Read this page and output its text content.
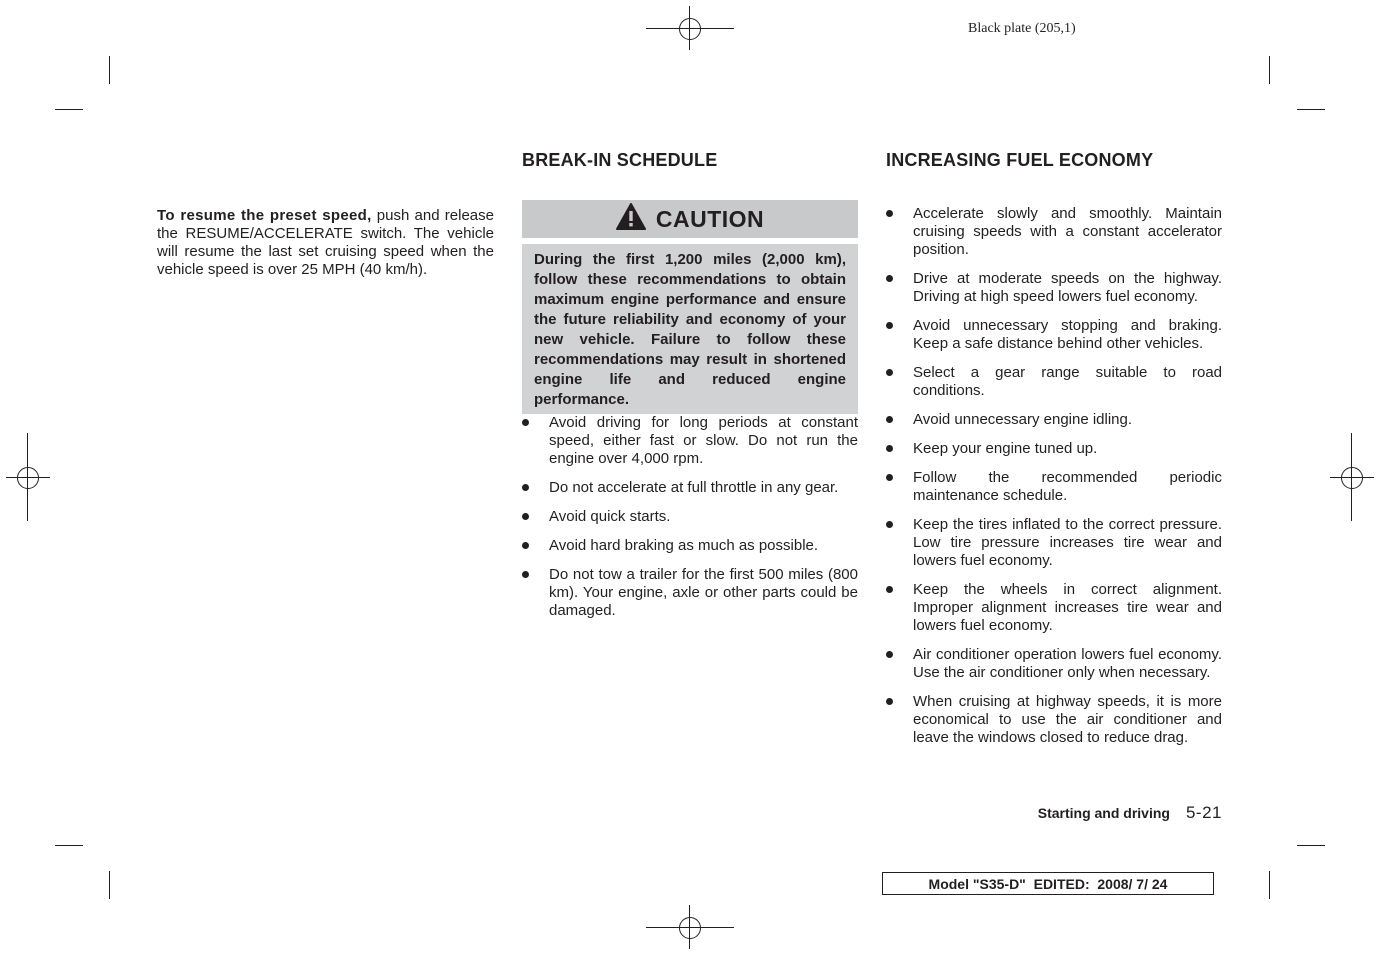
Black plate (205,1)

To resume the preset speed, push and release the RESUME/ACCELERATE switch. The vehicle will resume the last set cruising speed when the vehicle speed is over 25 MPH (40 km/h).

BREAK-IN SCHEDULE
CAUTION
During the first 1,200 miles (2,000 km), follow these recommendations to obtain maximum engine performance and ensure the future reliability and economy of your new vehicle. Failure to follow these recommendations may result in shortened engine life and reduced engine performance.
Avoid driving for long periods at constant speed, either fast or slow. Do not run the engine over 4,000 rpm.
Do not accelerate at full throttle in any gear.
Avoid quick starts.
Avoid hard braking as much as possible.
Do not tow a trailer for the first 500 miles (800 km). Your engine, axle or other parts could be damaged.
INCREASING FUEL ECONOMY
Accelerate slowly and smoothly. Maintain cruising speeds with a constant accelerator position.
Drive at moderate speeds on the highway. Driving at high speed lowers fuel economy.
Avoid unnecessary stopping and braking. Keep a safe distance behind other vehicles.
Select a gear range suitable to road conditions.
Avoid unnecessary engine idling.
Keep your engine tuned up.
Follow the recommended periodic maintenance schedule.
Keep the tires inflated to the correct pressure. Low tire pressure increases tire wear and lowers fuel economy.
Keep the wheels in correct alignment. Improper alignment increases tire wear and lowers fuel economy.
Air conditioner operation lowers fuel economy. Use the air conditioner only when necessary.
When cruising at highway speeds, it is more economical to use the air conditioner and leave the windows closed to reduce drag.
Starting and driving 5-21
Model "S35-D"  EDITED:  2008/ 7/ 24
